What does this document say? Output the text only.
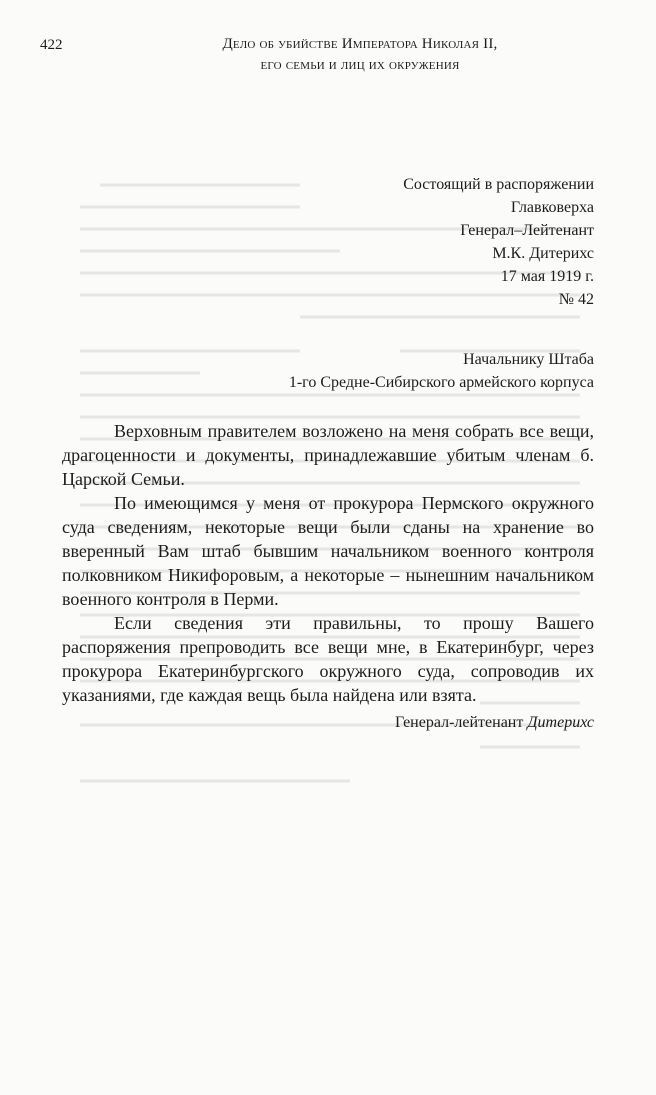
422	Дело об убийстве Императора Николая II,
его семьи и лиц их окружения
Состоящий в распоряжении
Главковерха
Генерал–Лейтенант
М.К. Дитерихс
17 мая 1919 г.
№ 42
Начальнику Штаба
1-го Средне-Сибирского армейского корпуса

Верховным правителем возложено на меня собрать все вещи, драгоценности и документы, принадлежавшие убитым членам б. Царской Семьи.

По имеющимся у меня от прокурора Пермского окружного суда сведениям, некоторые вещи были сданы на хранение во вверенный Вам штаб бывшим начальником военного контроля полковником Никифоровым, а некоторые – нынешним начальником военного контроля в Перми.

Если сведения эти правильны, то прошу Вашего распоряжения препроводить все вещи мне, в Екатеринбург, через прокурора Екатеринбургского окружного суда, сопроводив их указаниями, где каждая вещь была найдена или взята.

Генерал-лейтенант Дитерихс
